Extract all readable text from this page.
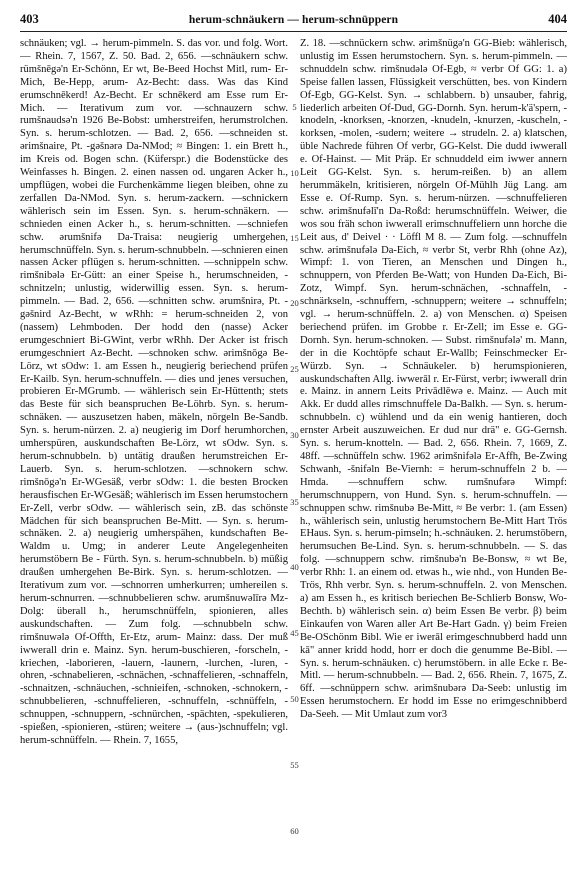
403	herum-schnäukern — herum-schnüppern	404

schnäuken; vgl. → herum-pimmeln. S. das vor. und folg. Wort. — Rhein. 7, 1567, Z. 50. Bad. 2, 656. —schnäukern schw. rümšnēgə'n Er-Schönn, Er wt, Be-Beed Hochst Mitl, rum- Er-Mich, Be-Hepp, ərum- Az-Becht: dass. Was das Kind erumschnēkerd! Az-Becht. Er schnēkerd am Esse rum Er-Mich. — Iterativum zum vor. —schnauzern schw. rumšnaudsə'n 1926 Be-Bobst: umherstreifen, herumstrolchen. Syn. s. herum-schlotzen. — Bad. 2, 656. —schneiden st. ərimšnaire, Pt. -gəšnərə Da-NMod; ≈ Bingen: 1. ein Brett h., im Kreis od. Bogen schn. (Küferspr.) die Bodenstücke des Weinfasses h. Bingen. 2. einen nassen od. ungaren Acker h., umpflügen, wobei die Furchenkämme liegen bleiben, ohne zu zerfallen Da-NMod. Syn. s. herum-zackern. —schnickern wählerisch sein im Essen. Syn. s. herum-schnäkern. —schnieden einen Acker h., s. herum-schnitten. —schniefen schw. ərumšnifə Da-Traisa: neugierig umhergehen, herumschnüffeln. Syn. s. herum-schnubbeln. —schnieren einen nassen Acker pflügen s. herum-schnitten. —schnippeln schw. rimšnibələ Er-Gütt: an einer Speise h., herumschneiden, -schnitzeln; unlustig, widerwillig essen. Syn. s. herum-pimmeln. — Bad. 2, 656. —schnitten schw. ərumšnirə, Pt. -gəšnird Az-Becht, w wRhh: = herum-schneiden 2, von (nassem) Lehmboden. Der hodd den (nasse) Acker erumgeschniert Bi-GWint, verbr wRhh. Der Acker ist frisch erumgeschniert Az-Becht. —schnoken schw. ərimšnōgə Be-Lörz, wt sOdw: 1. am Essen h., neugierig beriechend prüfen Er-Kailb. Syn. herum-schnuffeln. — dies und jenes versuchen, probieren Er-MGrumb. — wählerisch sein Er-Hüttenth; stets das Beste für sich beanspruchen Be-Löhrb. Syn. s. herum-schnäken. — auszusetzen haben, mäkeln, nörgeln Be-Sandb. Syn. s. herum-nürzen. 2. a) neugierig im Dorf herumhorchen, umherspüren, auskundschaften Be-Lörz, wt sOdw. Syn. s. herum-schnubbeln. b) untätig draußen herumstreichen Er-Lauerb. Syn. s. herum-schlotzen. —schnokern schw. rimšnōgə'n Er-WGesäß, verbr sOdw: 1. die besten Brocken herausfischen Er-WGesäß; wählerisch im Essen herumstochern Er-Zell, verbr sOdw. — wählerisch sein, zB. das schönste Mädchen für sich beanspruchen Be-Mitt. — Syn. s. herum-schnäken. 2. a) neugierig umherspähen, kundschaften Be-Waldm u. Umg; in anderer Leute Angelegenheiten herumstöbern Be - Fürth. Syn. s. herum-schnubbeln. b) müßig draußen umhergehen Be-Birk. Syn. s. herum-schlotzen. — Iterativum zum vor. —schnorren umherkurren; umhereilen s. herum-schnurren. —schnubbelieren schw. ərumšnuwəlīrə Mz-Dolg: überall h., herumschnüffeln, spionieren, alles auskundschaften. — Zum folg. —schnubbeln schw. rimšnuwələ Of-Offth, Er-Etz, ərum- Mainz: dass. Der muß iwwerall drin e. Mainz. Syn. herum-buschieren, -forscheln, -kriechen, -laborieren, -lauern, -launern, -lurchen, -luren, -ohren, -schnabelieren, -schnächen, -schnaffelieren, -schnaffeln, -schnaitzen, -schnäuchen, -schnieifen, -schnoken, -schnokern, -schnubbelieren, -schnuffelieren, -schnuffeln, -schnüffeln, -schnuppen, -schnuppern, -schnürchen, -spächten, -spekulieren, -spießen, -spionieren, -stüren; weitere → (aus-)schnuffeln; vgl. herum-schnüffeln. — Rhein. 7, 1655,

5
10
15
20
25
30
35
40
45
50
55
60

Z. 18. —schnückern schw. ərimšnügə'n GG-Bieb: wählerisch, unlustig im Essen herumstochern. Syn. s. herum-pimmeln. —schnuddeln schw. rimšnudələ Of-Egb, ≈ verbr Of GG: 1. a) Speise fallen lassen, Flüssigkeit verschütten, bes. von Kindern Of-Egb, GG-Kelst. Syn. → schlabbern. b) unsauber, fahrig, liederlich arbeiten Of-Dud, GG-Dornh. Syn. herum-k'ä'spern, -knodeln, -knorksen, -knorzen, -knudeln, -knurzen, -kuscheln, -korksen, -molen, -sudern; weitere → strudeln. 2. a) klatschen, üble Nachrede führen Of verbr, GG-Kelst. Die dudd iwwerall e. Of-Hainst. — Mit Präp. Er schnuddeld eim iwwer annern Leit GG-Kelst. Syn. s. herum-reißen. b) an allem herummäkeln, kritisieren, nörgeln Of-Mühlh Jüg Lang. am Esse e. Of-Rump. Syn. s. herum-nürzen. —schnuffelieren schw. ərimšnufəlī'n Da-Roßd: herumschnüffeln. Weiwer, die wos sou fräh schon iwwerall erimschnuffeliern unn horche die Leit aus, d' Deivel · · Löffl M 8. — Zum folg. —schnuffeln schw. ərimšnufələ Da-Eich, ≈ verbr St, verbr Rhh (ohne Az), Wimpf: 1. von Tieren, an Menschen und Dingen h., schnuppern, von Pferden Be-Watt; von Hunden Da-Eich, Bi-Zotz, Wimpf. Syn. herum-schnächen, -schnaffeln, -schnärkseln, -schnuffern, -schnuppern; weitere → schnuffeln; vgl. → herum-schnüffeln. 2. a) von Menschen. α) Speisen beriechend prüfen. im Grobbe r. Er-Zell; im Esse e. GG-Dornh. Syn. herum-schnoken. — Subst. rimšnufələ' m. Mann, der in die Kochtöpfe schaut Er-Wallb; Feinschmecker Er-Würzb. Syn. → Schnäukeler. b) herumspionieren, auskundschaften Allg. iwwerāl r. Er-Fürst, verbr; iwwerall drin e. Mainz. in annern Leits Privādlēwə e. Mainz. — Auch mit Akk. Er dudd alles rimschnuffele Da-Balkh. — Syn. s. herum-schnubbeln. c) wühlend und da ein wenig hantieren, doch ernster Arbeit auszuweichen. Er dud nur drä" e. GG-Gernsh. Syn. s. herum-knotteln. — Bad. 2, 656. Rhein. 7, 1669, Z. 48ff. —schnüffeln schw. 1962 ərimšnifələ Er-Affh, Be-Zwing Schwanh, -šnifəln Be-Viernh: = herum-schnuffeln 2 b. — Hmda. —schnuffern schw. rumšnufərə Wimpf: herumschnuppern, von Hund. Syn. s. herum-schnuffeln. —schnuppen schw. rimšnubə Be-Mitt, ≈ Be verbr: 1. (am Essen) h., wählerisch sein, unlustig herumstochern Be-Mitt Hart Trös EHaus. Syn. s. herum-pimseln; h.-schnäuken. 2. herumstöbern, herumsuchen Be-Lind. Syn. s. herum-schnubbeln. — S. das folg. —schnuppern schw. rimšnubə'n Be-Bonsw, ≈ wt Be, verbr Rhh: 1. an einem od. etwas h., wie nhd., von Hunden Be-Trös, Rhh verbr. Syn. s. herum-schnuffeln. 2. von Menschen. a) am Essen h., es kritisch beriechen Be-Schlierb Bonsw, Wo-Bechth. b) wählerisch sein. α) beim Essen Be verbr. β) beim Einkaufen von Waren aller Art Be-Hart Gadn. γ) beim Freien Be-OSchönm Bibl. Wie er iwerāl erimgeschnubberd hadd unn kā" anner kridd hodd, horr er doch die genumme Be-Bibl. — Syn. s. herum-schnäuken. c) herumstöbern. in alle Ecke r. Be-Mitl. — herum-schnubbeln. — Bad. 2, 656. Rhein. 7, 1675, Z. 6ff. —schnüppern schw. ərimšnubərə Da-Seeb: unlustig im Essen herumstochern. Er hodd im Esse no erimgeschnibberd Da-Seeh. — Mit Umlaut zum vor3
